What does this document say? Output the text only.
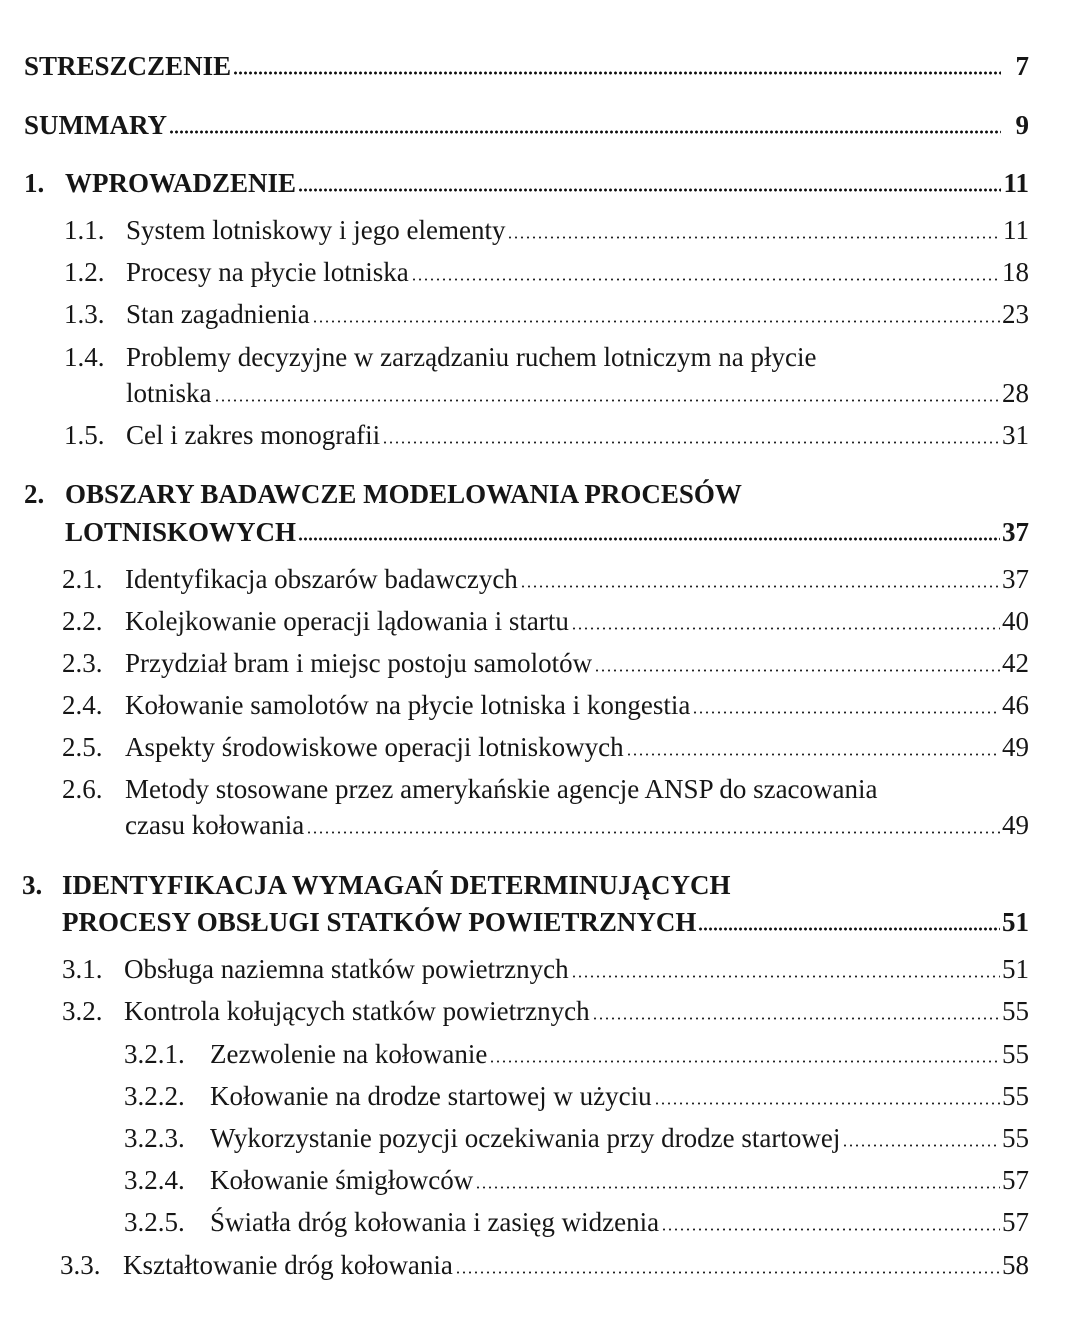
STRESZCZENIE	7
SUMMARY	9
1. WPROWADZENIE	11
1.1. System lotniskowy i jego elementy	11
1.2. Procesy na płycie lotniska	18
1.3. Stan zagadnienia	23
1.4. Problemy decyzyjne w zarządzaniu ruchem lotniczym na płycie
lotniska	28
1.5. Cel i zakres monografii	31
2. OBSZARY BADAWCZE MODELOWANIA PROCESÓW
LOTNISKOWYCH	37
2.1. Identyfikacja obszarów badawczych	37
2.2. Kolejkowanie operacji lądowania i startu	40
2.3. Przydział bram i miejsc postoju samolotów	42
2.4. Kołowanie samolotów na płycie lotniska i kongestia	46
2.5. Aspekty środowiskowe operacji lotniskowych	49
2.6. Metody stosowane przez amerykańskie agencje ANSP do szacowania
czasu kołowania	49
3. IDENTYFIKACJA WYMAGAŃ DETERMINUJĄCYCH
PROCESY OBSŁUGI STATKÓW POWIETRZNYCH	51
3.1. Obsługa naziemna statków powietrznych	51
3.2. Kontrola kołujących statków powietrznych	55
3.2.1. Zezwolenie na kołowanie	55
3.2.2. Kołowanie na drodze startowej w użyciu	55
3.2.3. Wykorzystanie pozycji oczekiwania przy drodze startowej	55
3.2.4. Kołowanie śmigłowców	57
3.2.5. Światła dróg kołowania i zasięg widzenia	57
3.3. Kształtowanie dróg kołowania	58
